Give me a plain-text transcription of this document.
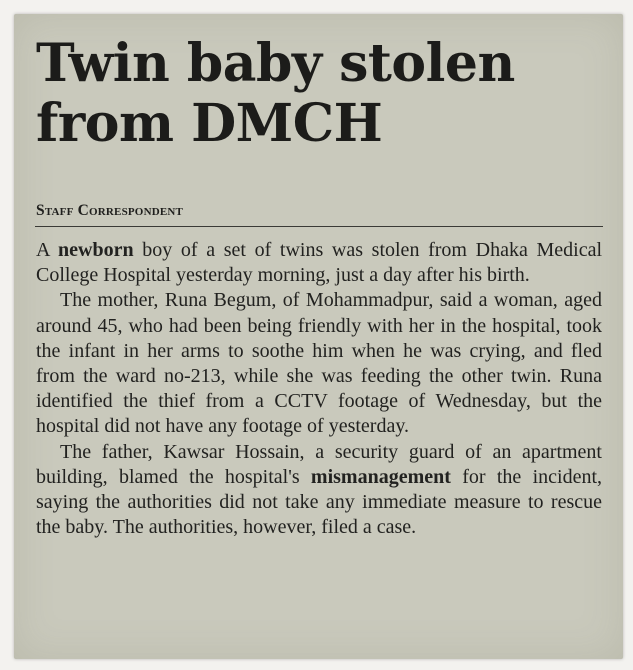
Twin baby stolen
from DMCH
Staff Correspondent

A newborn boy of a set of twins was stolen from Dhaka Medical College Hospital yesterday morning, just a day after his birth.

The mother, Runa Begum, of Mohammadpur, said a woman, aged around 45, who had been being friendly with her in the hospital, took the infant in her arms to soothe him when he was crying, and fled from the ward no-213, while she was feeding the other twin. Runa identified the thief from a CCTV footage of Wednesday, but the hospital did not have any footage of yesterday.

The father, Kawsar Hossain, a security guard of an apartment building, blamed the hospital's mismanagement for the incident, saying the authorities did not take any immediate measure to rescue the baby. The authorities, however, filed a case.
